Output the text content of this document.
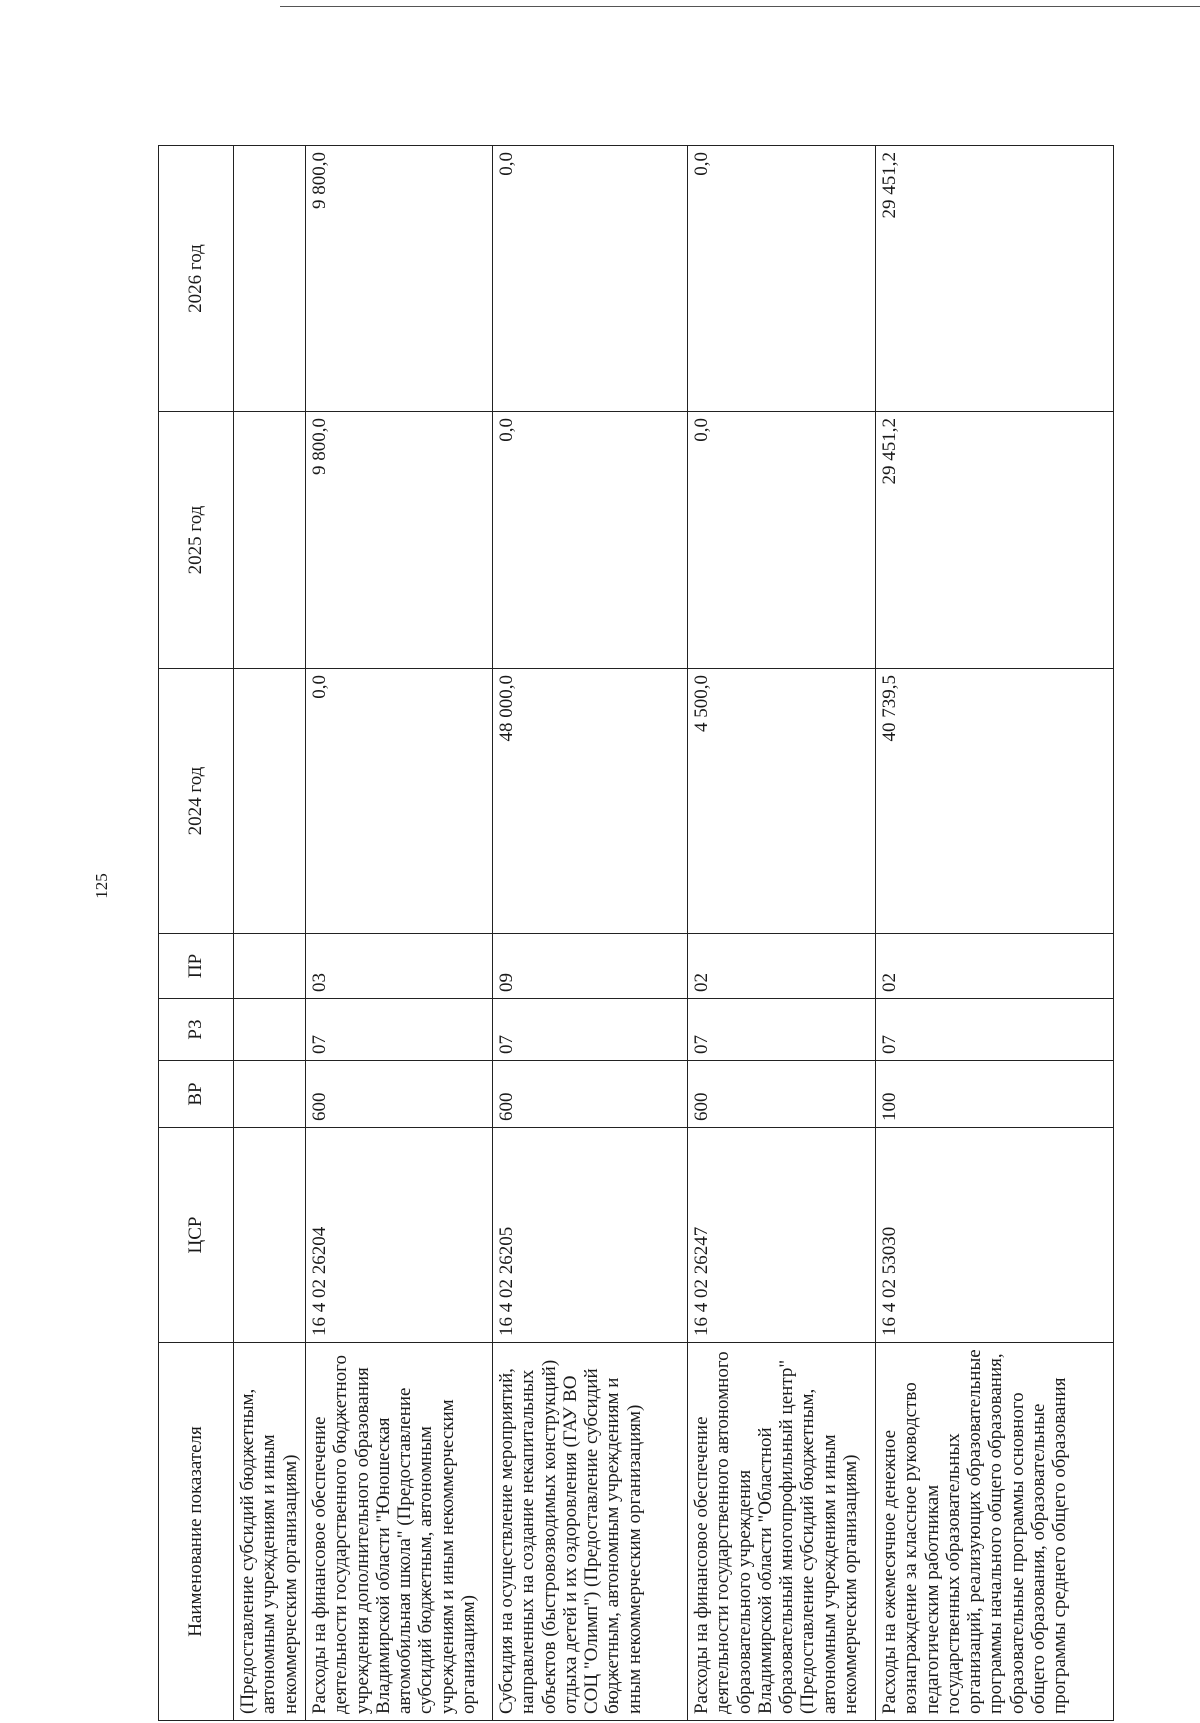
125
Наименование показателя	ЦСР	ВР	РЗ	ПР	2024 год	2025 год	2026 год
(Предоставление субсидий бюджетным, автономным учреждениям и иным некоммерческим организациям)							
Расходы на финансовое обеспечение деятельности государственного бюджетного учреждения дополнительного образования Владимирской области "Юношеская автомобильная школа" (Предоставление субсидий бюджетным, автономным учреждениям и иным некоммерческим организациям)	16 4 02 26204	600	07	03	0,0	9 800,0	9 800,0
Субсидия на осуществление мероприятий, направленных на создание некапитальных объектов (быстровозводимых конструкций) отдыха детей и их оздоровления (ГАУ ВО СОЦ "Олимп") (Предоставление субсидий бюджетным, автономным учреждениям и иным некоммерческим организациям)	16 4 02 26205	600	07	09	48 000,0	0,0	0,0
Расходы на финансовое обеспечение деятельности государственного автономного образовательного учреждения Владимирской области "Областной образовательный многопрофильный центр" (Предоставление субсидий бюджетным, автономным учреждениям и иным некоммерческим организациям)	16 4 02 26247	600	07	02	4 500,0	0,0	0,0
Расходы на ежемесячное денежное вознаграждение за классное руководство педагогическим работникам государственных образовательных организаций, реализующих образовательные программы начального общего образования, образовательные программы основного общего образования, образовательные программы среднего общего образования	16 4 02 53030	100	07	02	40 739,5	29 451,2	29 451,2
